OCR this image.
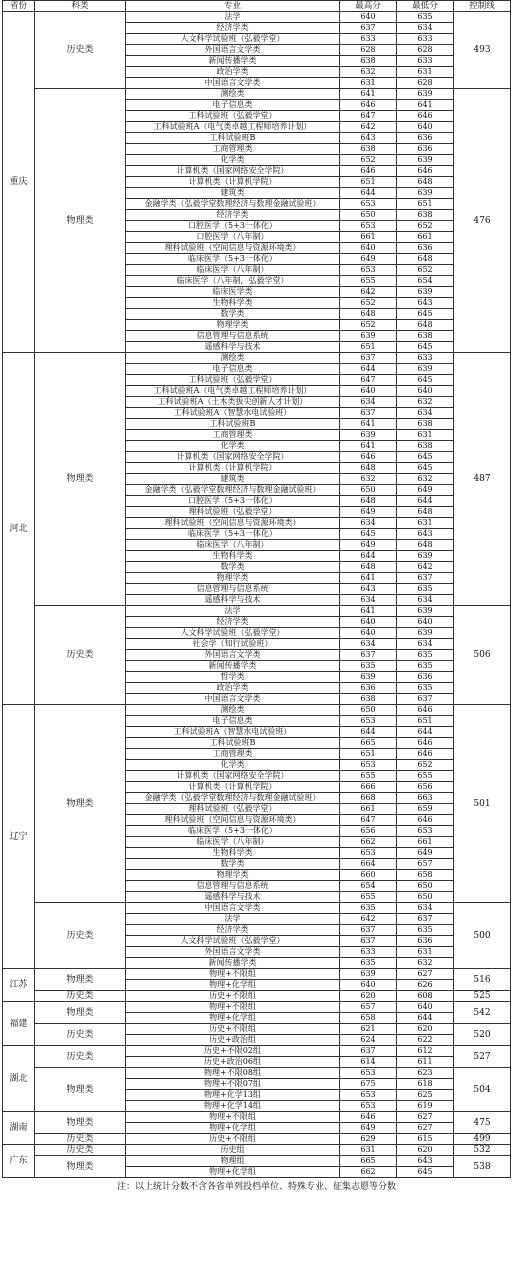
省份	科类	专业	最高分	最低分	控制线
重庆	历史类	法学	640	635	493
		经济学类	637	634	
		人文科学试验班（弘毅学堂）	633	633	
		外国语言文学类	628	628	
		新闻传播学类	638	633	
		政治学类	632	631	
		中国语言文学类	631	628	
	物理类	测绘类	641	639	476
		电子信息类	646	641	
		工科试验班（弘毅学堂）	647	646	
		工科试验班A（电气类卓越工程师培养计划）	642	640	
		工科试验班B	643	636	
		工商管理类	638	636	
		化学类	652	639	
		计算机类（国家网络安全学院）	646	646	
		计算机类（计算机学院）	651	648	
		建筑类	644	639	
		金融学类（弘毅学堂数理经济与数理金融试验班）	653	651	
		经济学类	650	638	
		口腔医学（5+3一体化）	653	652	
		口腔医学（八年制）	661	661	
		理科试验班（空间信息与资源环境类）	640	636	
		临床医学（5+3一体化）	649	648	
		临床医学（八年制）	653	652	
		临床医学（八年制，弘毅学堂）	655	654	
		临床医学类	642	639	
		生物科学类	652	643	
		数学类	648	645	
		物理学类	652	648	
		信息管理与信息系统	639	638	
		遥感科学与技术	651	645	
河北	物理类	测绘类	637	633	487
		电子信息类	644	639	
		工科试验班（弘毅学堂）	647	645	
		工科试验班A（电气类卓越工程师培养计划）	640	640	
		工科试验班A（土木类拔尖创新人才计划）	634	632	
		工科试验班A（智慧水电试验班）	637	634	
		工科试验班B	641	638	
		工商管理类	639	631	
		化学类	641	638	
		计算机类（国家网络安全学院）	646	645	
		计算机类（计算机学院）	648	645	
		建筑类	632	632	
		金融学类（弘毅学堂数理经济与数理金融试验班）	650	649	
		口腔医学（5+3一体化）	648	644	
		理科试验班（弘毅学堂）	649	648	
		理科试验班（空间信息与资源环境类）	634	631	
		临床医学（5+3一体化）	645	643	
		临床医学（八年制）	649	648	
		生物科学类	644	639	
		数学类	648	642	
		物理学类	641	637	
		信息管理与信息系统	643	635	
		遥感科学与技术	634	634	
	历史类	法学	641	639	506
		经济学类	640	640	
		人文科学试验班（弘毅学堂）	640	639	
		社会学（知行试验班）	634	634	
		外国语言文学类	637	635	
		新闻传播学类	635	635	
		哲学类	639	636	
		政治学类	636	635	
		中国语言文学类	638	637	
辽宁	物理类	测绘类	650	646	501
		电子信息类	653	651	
		工科试验班A（智慧水电试验班）	644	644	
		工科试验班B	665	646	
		工商管理类	651	646	
		化学类	653	652	
		计算机类（国家网络安全学院）	655	655	
		计算机类（计算机学院）	666	656	
		金融学类（弘毅学堂数理经济与数理金融试验班）	668	663	
		理科试验班（弘毅学堂）	661	659	
		理科试验班（空间信息与资源环境类）	647	646	
		临床医学（5+3一体化）	656	653	
		临床医学（八年制）	662	661	
		生物科学类	653	649	
		数学类	664	657	
		物理学类	660	658	
		信息管理与信息系统	654	650	
		遥感科学与技术	655	650	
	历史类	中国语言文学类	635	634	500
		法学	642	637	
		经济学类	637	635	
		人文科学试验班（弘毅学堂）	637	636	
		外国语言文学类	633	631	
		新闻传播学类	635	632	
江苏	物理类	物理+不限组	639	627	516
		物理+化学组	640	626	
	历史类	历史+不限组	620	608	525
福建	物理类	物理+不限组	657	640	542
		物理+化学组	658	644	
	历史类	历史+不限组	621	620	520
		历史+政治组	624	622	
湖北	历史类	历史+不限02组	637	612	527
		历史+政治06组	614	611	
	物理类	物理+不限08组	653	623	504
		物理+不限07组	675	618	
		物理+化学13组	653	625	
		物理+化学14组	653	619	
湖南	物理类	物理+不限组	646	627	475
		物理+化学组	649	627	
	历史类	历史+不限组	629	615	499
广东	历史类	历史组	631	620	532
	物理类	物理组	665	643	538
		物理+化学组	662	645	
注：以上统计分数不含各省单列投档单位、特殊专业、征集志愿等分数					
